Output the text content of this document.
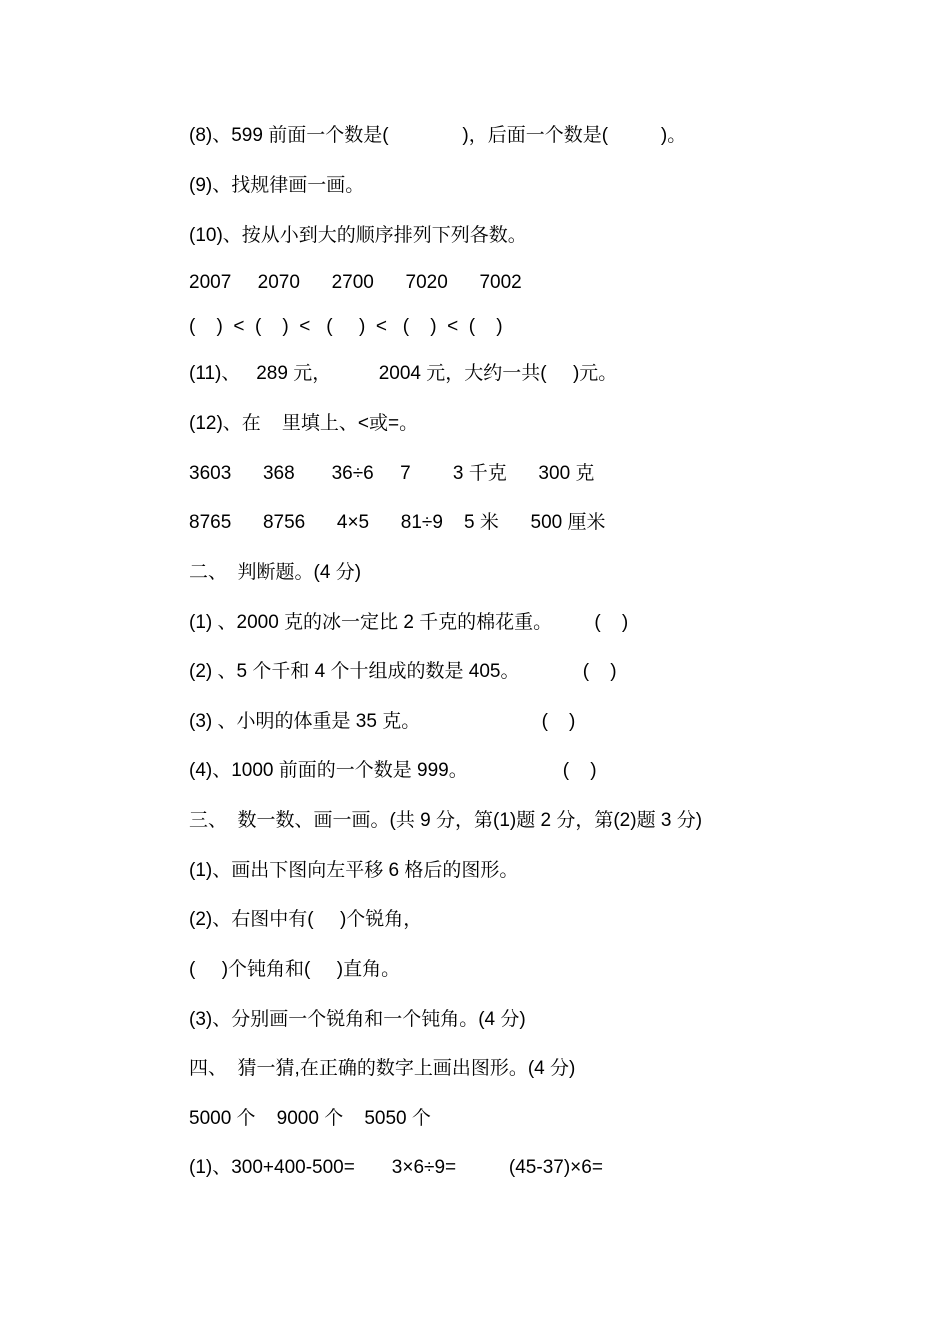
(8)、599 前面一个数是(              )，后面一个数是(          )。
(9)、找规律画一画。
(10)、按从小到大的顺序排列下列各数。
2007     2070      2700      7020      7002
(    )  <  (    )  <   (     )  <   (    )  <  (    )
(11)、   289 元，         2004 元，大约一共(     )元。
(12)、在    里填上、<或=。
3603      368       36÷6     7        3 千克      300 克
8765      8756      4×5      81÷9    5 米      500 厘米
二、  判断题。(4 分)
(1) 、2000 克的冰一定比 2 千克的棉花重。        (    )
(2) 、5 个千和 4 个十组成的数是 405。            (    )
(3) 、小明的体重是 35 克。                       (    )
(4)、1000 前面的一个数是 999。                  (    )
三、  数一数、画一画。(共 9 分，第(1)题 2 分，第(2)题 3 分)
(1)、画出下图向左平移 6 格后的图形。
(2)、右图中有(     )个锐角，
(     )个钝角和(     )直角。
(3)、分别画一个锐角和一个钝角。(4 分)
四、  猜一猜,在正确的数字上画出图形。(4 分)
5000 个    9000 个    5050 个
(1)、300+400-500=       3×6÷9=          (45-37)×6=
